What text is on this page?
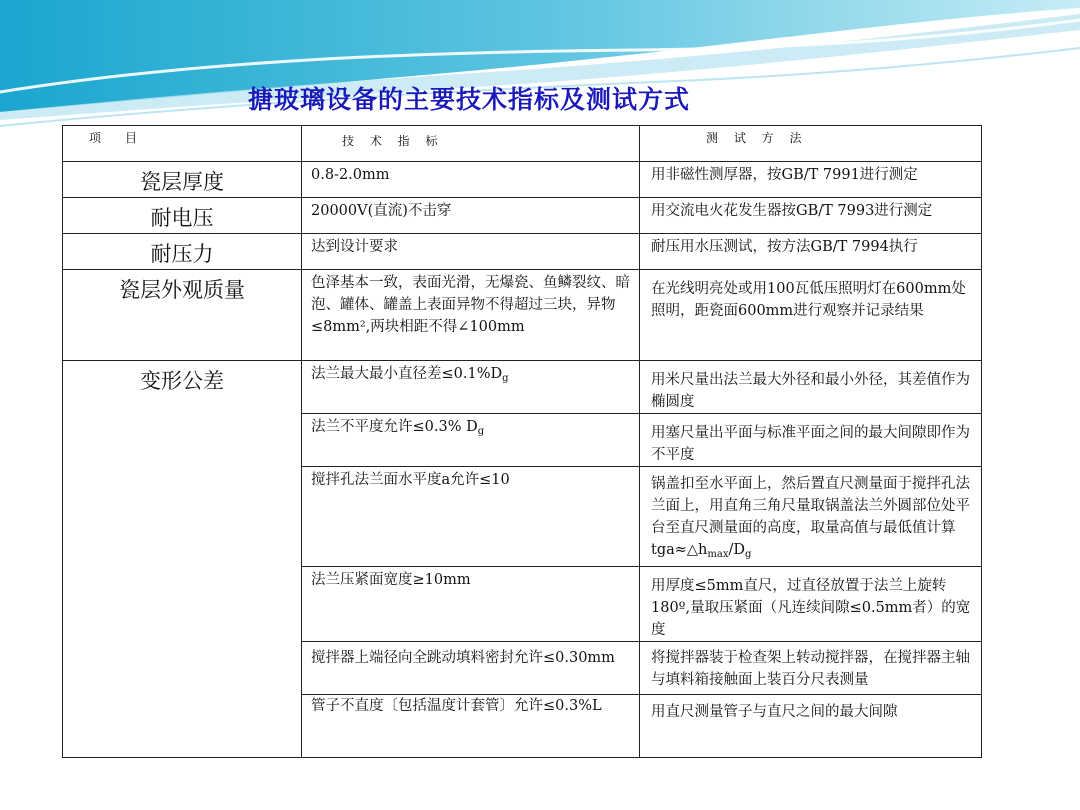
搪玻璃设备的主要技术指标及测试方式
项　目	技 术 指 标	测 试 方 法
瓷层厚度	0.8-2.0mm	用非磁性测厚器，按GB/T 7991进行测定
耐电压	20000V(直流)不击穿	用交流电火花发生器按GB/T 7993进行测定
耐压力	达到设计要求	耐压用水压测试，按方法GB/T 7994执行
瓷层外观质量	色泽基本一致，表面光滑，无爆瓷、鱼鳞裂纹、暗泡、罐体、罐盖上表面异物不得超过三块，异物≤8mm²,两块相距不得∠100mm	在光线明亮处或用100瓦低压照明灯在600mm处照明，距瓷面600mm进行观察并记录结果
变形公差	法兰最大最小直径差$\le 0.1\%D_g$	用米尺量出法兰最大外径和最小外径，其差值作为椭圆度
	法兰不平度允许≤0.3% $D_g$	用塞尺量出平面与标准平面之间的最大间隙即作为不平度
	搅拌孔法兰面水平度a允许≤10	锅盖扣至水平面上，然后置直尺测量面于搅拌孔法兰面上，用直角三角尺量取锅盖法兰外圆部位处平台至直尺测量面的高度，取量高值与最低值计算$tga\approx\triangle h_{max}/D_g$
	法兰压紧面宽度≥10mm	用厚度≤5mm直尺，过直径放置于法兰上旋转180º,量取压紧面（凡连续间隙≤0.5mm者）的宽度
	搅拌器上端径向全跳动填料密封允许≤0.30mm	将搅拌器装于检查架上转动搅拌器，在搅拌器主轴与填料箱接触面上装百分尺表测量
	管子不直度〔包括温度计套管〕允许≤0.3%L	用直尺测量管子与直尺之间的最大间隙
